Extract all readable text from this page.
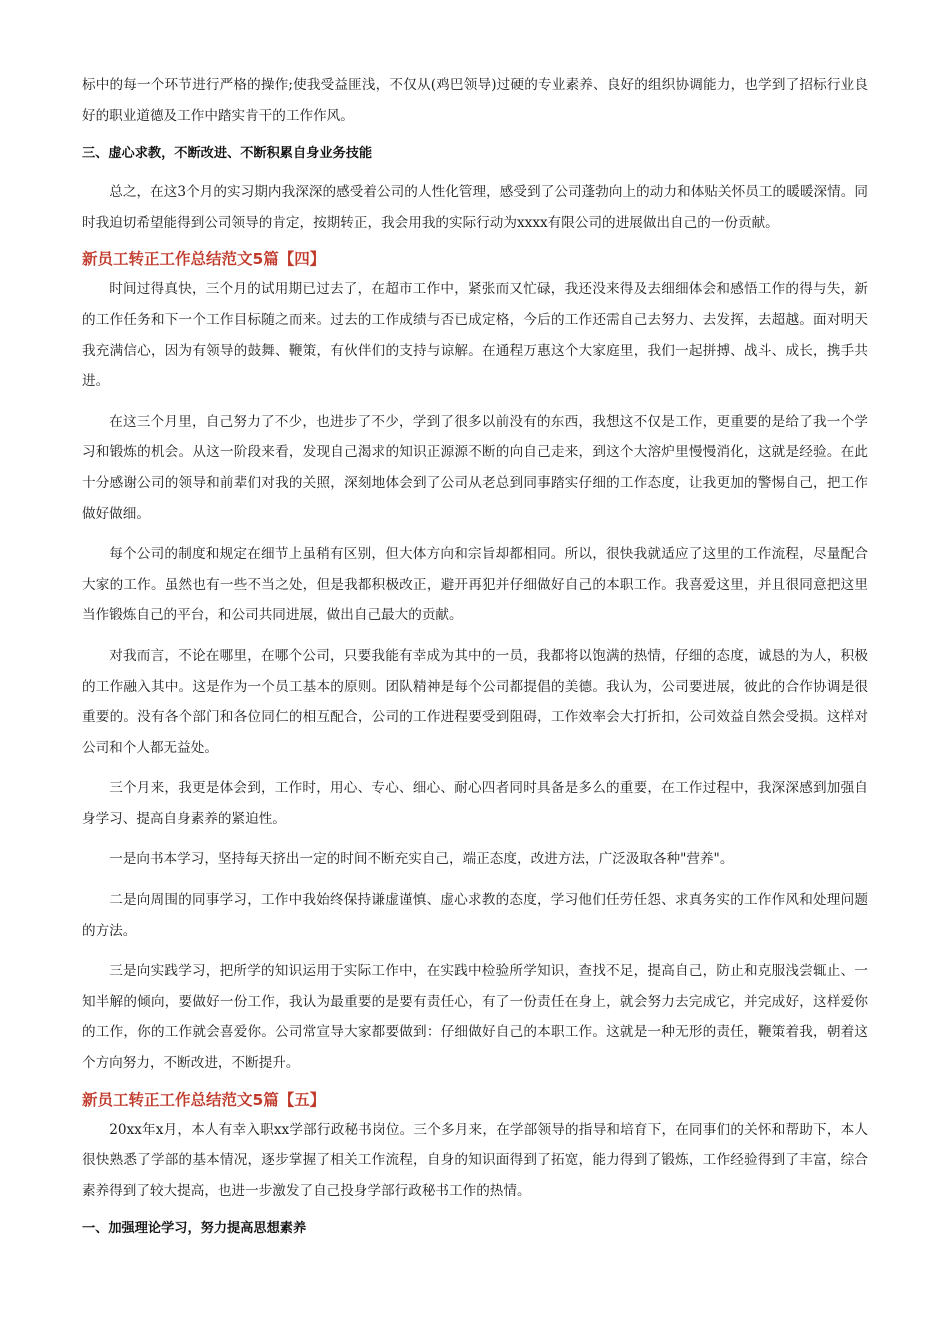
标中的每一个环节进行严格的操作;使我受益匪浅，不仅从(鸡巴领导)过硬的专业素养、良好的组织协调能力，也学到了招标行业良好的职业道德及工作中踏实肯干的工作作风。

三、虚心求教，不断改进、不断积累自身业务技能

总之，在这3个月的实习期内我深深的感受着公司的人性化管理，感受到了公司蓬勃向上的动力和体贴关怀员工的暖暖深情。同时我迫切希望能得到公司领导的肯定，按期转正，我会用我的实际行动为xxxx有限公司的进展做出自己的一份贡献。

新员工转正工作总结范文5篇【四】

时间过得真快，三个月的试用期已过去了，在超市工作中，紧张而又忙碌，我还没来得及去细细体会和感悟工作的得与失，新的工作任务和下一个工作目标随之而来。过去的工作成绩与否已成定格，今后的工作还需自己去努力、去发挥，去超越。面对明天我充满信心，因为有领导的鼓舞、鞭策，有伙伴们的支持与谅解。在通程万惠这个大家庭里，我们一起拼搏、战斗、成长，携手共进。

在这三个月里，自己努力了不少，也进步了不少，学到了很多以前没有的东西，我想这不仅是工作，更重要的是给了我一个学习和锻炼的机会。从这一阶段来看，发现自己渴求的知识正源源不断的向自己走来，到这个大溶炉里慢慢消化，这就是经验。在此十分感谢公司的领导和前辈们对我的关照，深刻地体会到了公司从老总到同事踏实仔细的工作态度，让我更加的警惕自己，把工作做好做细。

每个公司的制度和规定在细节上虽稍有区别，但大体方向和宗旨却都相同。所以，很快我就适应了这里的工作流程，尽量配合大家的工作。虽然也有一些不当之处，但是我都积极改正，避开再犯并仔细做好自己的本职工作。我喜爱这里，并且很同意把这里当作锻炼自己的平台，和公司共同进展，做出自己最大的贡献。

对我而言，不论在哪里，在哪个公司，只要我能有幸成为其中的一员，我都将以饱满的热情，仔细的态度，诚恳的为人，积极的工作融入其中。这是作为一个员工基本的原则。团队精神是每个公司都提倡的美德。我认为，公司要进展，彼此的合作协调是很重要的。没有各个部门和各位同仁的相互配合，公司的工作进程要受到阻碍，工作效率会大打折扣，公司效益自然会受损。这样对公司和个人都无益处。

三个月来，我更是体会到，工作时，用心、专心、细心、耐心四者同时具备是多么的重要，在工作过程中，我深深感到加强自身学习、提高自身素养的紧迫性。

一是向书本学习，坚持每天挤出一定的时间不断充实自己，端正态度，改进方法，广泛汲取各种"营养"。

二是向周围的同事学习，工作中我始终保持谦虚谨慎、虚心求教的态度，学习他们任劳任怨、求真务实的工作作风和处理问题的方法。

三是向实践学习，把所学的知识运用于实际工作中，在实践中检验所学知识，查找不足，提高自己，防止和克服浅尝辄止、一知半解的倾向，要做好一份工作，我认为最重要的是要有责任心，有了一份责任在身上，就会努力去完成它，并完成好，这样爱你的工作，你的工作就会喜爱你。公司常宣导大家都要做到：仔细做好自己的本职工作。这就是一种无形的责任，鞭策着我，朝着这个方向努力，不断改进，不断提升。

新员工转正工作总结范文5篇【五】

20xx年x月，本人有幸入职xx学部行政秘书岗位。三个多月来，在学部领导的指导和培育下，在同事们的关怀和帮助下，本人很快熟悉了学部的基本情况，逐步掌握了相关工作流程，自身的知识面得到了拓宽，能力得到了锻炼，工作经验得到了丰富，综合素养得到了较大提高，也进一步激发了自己投身学部行政秘书工作的热情。

一、加强理论学习，努力提高思想素养
